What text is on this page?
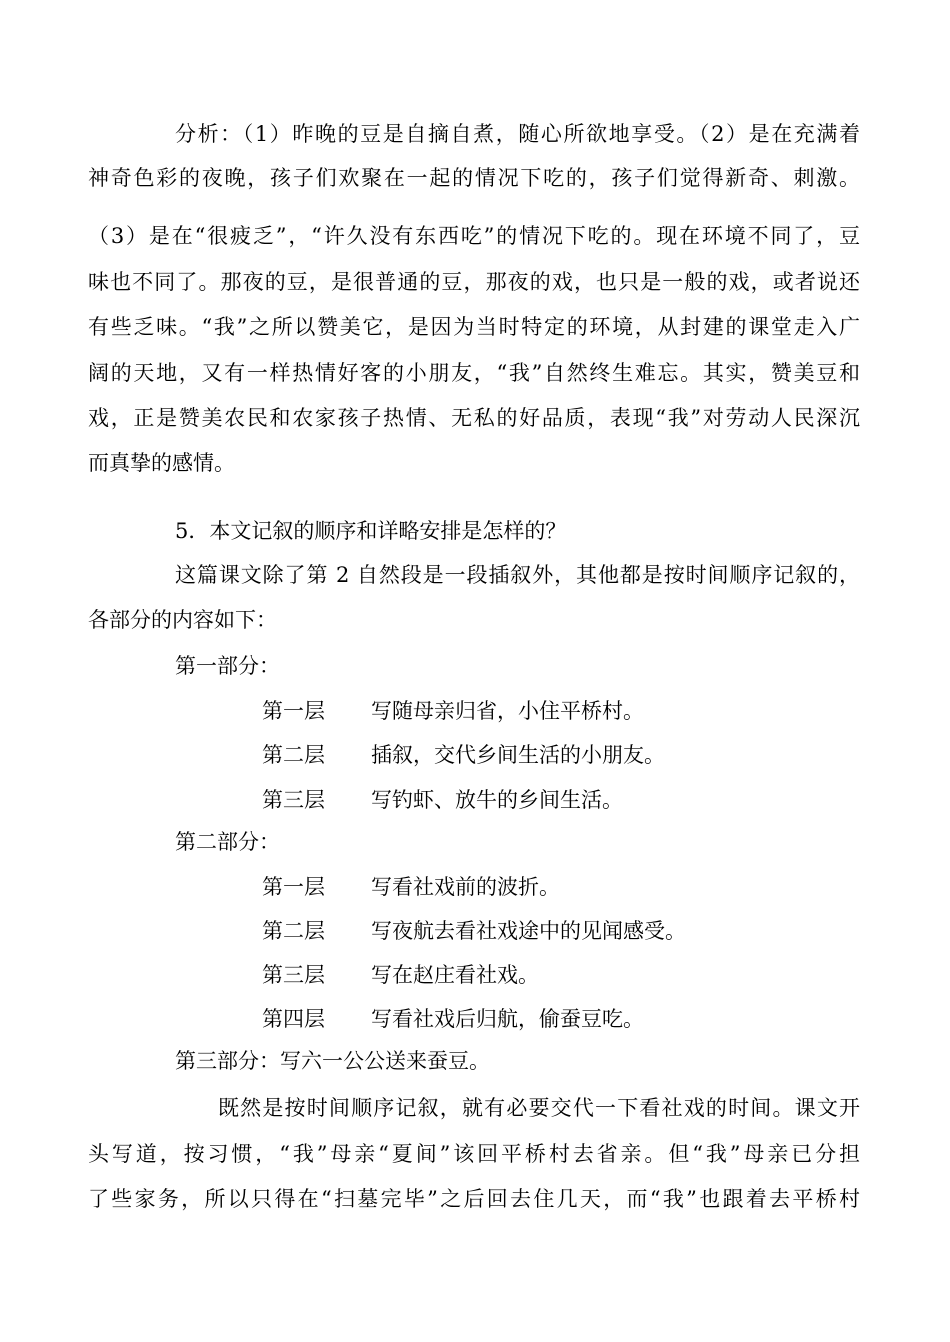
分析：（1）昨晚的豆是自摘自煮，随心所欲地享受。（2）是在充满着
神奇色彩的夜晚，孩子们欢聚在一起的情况下吃的，孩子们觉得新奇、刺激。
（3）是在“很疲乏”，“许久没有东西吃”的情况下吃的。现在环境不同了，豆
味也不同了。那夜的豆，是很普通的豆，那夜的戏，也只是一般的戏，或者说还
有些乏味。“我”之所以赞美它，是因为当时特定的环境，从封建的课堂走入广
阔的天地，又有一样热情好客的小朋友，“我”自然终生难忘。其实，赞美豆和
戏，正是赞美农民和农家孩子热情、无私的好品质，表现“我”对劳动人民深沉
而真挚的感情。
5．本文记叙的顺序和详略安排是怎样的？
这篇课文除了第 2 自然段是一段插叙外，其他都是按时间顺序记叙的，
各部分的内容如下：
第一部分：
第一层 写随母亲归省，小住平桥村。
第二层 插叙，交代乡间生活的小朋友。
第三层 写钓虾、放牛的乡间生活。
第二部分：
第一层 写看社戏前的波折。
第二层 写夜航去看社戏途中的见闻感受。
第三层 写在赵庄看社戏。
第四层 写看社戏后归航，偷蚕豆吃。
第三部分：写六一公公送来蚕豆。
既然是按时间顺序记叙，就有必要交代一下看社戏的时间。课文开
头写道，按习惯，“我”母亲“夏间”该回平桥村去省亲。但“我”母亲已分担
了些家务，所以只得在“扫墓完毕”之后回去住几天，而“我”也跟着去平桥村
